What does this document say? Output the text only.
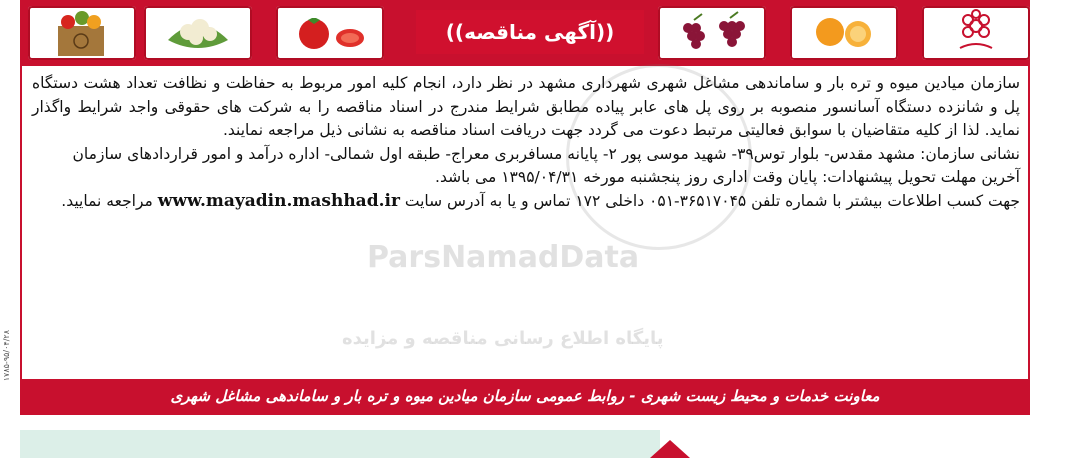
((آگهی مناقصه))
ParsNamadData
پایگاه اطلاع رسانی مناقصه و مزایده

سازمان میادین میوه و تره بار و ساماندهی مشاغل شهری شهرداری مشهد در نظر دارد، انجام کلیه امور مربوط به حفاظت و نظافت تعداد هشت دستگاه پل و شانزده دستگاه آسانسور منصوبه بر روی پل های عابر پیاده مطابق شرایط مندرج در اسناد مناقصه را به شرکت های حقوقی واجد شرایط واگذار نماید. لذا از کلیه متقاضیان با سوابق فعالیتی مرتبط دعوت می گردد جهت دریافت اسناد مناقصه به نشانی ذیل مراجعه نمایند.

نشانی سازمان: مشهد مقدس- بلوار توس۳۹- شهید موسی پور ۲- پایانه مسافربری معراج- طبقه اول شمالی- اداره درآمد و امور قراردادهای سازمان

آخرین مهلت تحویل پیشنهادات: پایان وقت اداری روز پنجشنبه مورخه ۱۳۹۵/۰۴/۳۱ می باشد.

جهت کسب اطلاعات بیشتر با شماره تلفن ۳۶۵۱۷۰۴۵-۰۵۱ داخلی ۱۷۲ تماس و یا به آدرس سایت www.mayadin.mashhad.ir مراجعه نمایید.

معاونت خدمات و محیط زیست شهری - روابط عمومی سازمان میادین میوه و تره بار و ساماندهی مشاغل شهری
۱۷۸۵-۹۵/۰۴/۲۸
